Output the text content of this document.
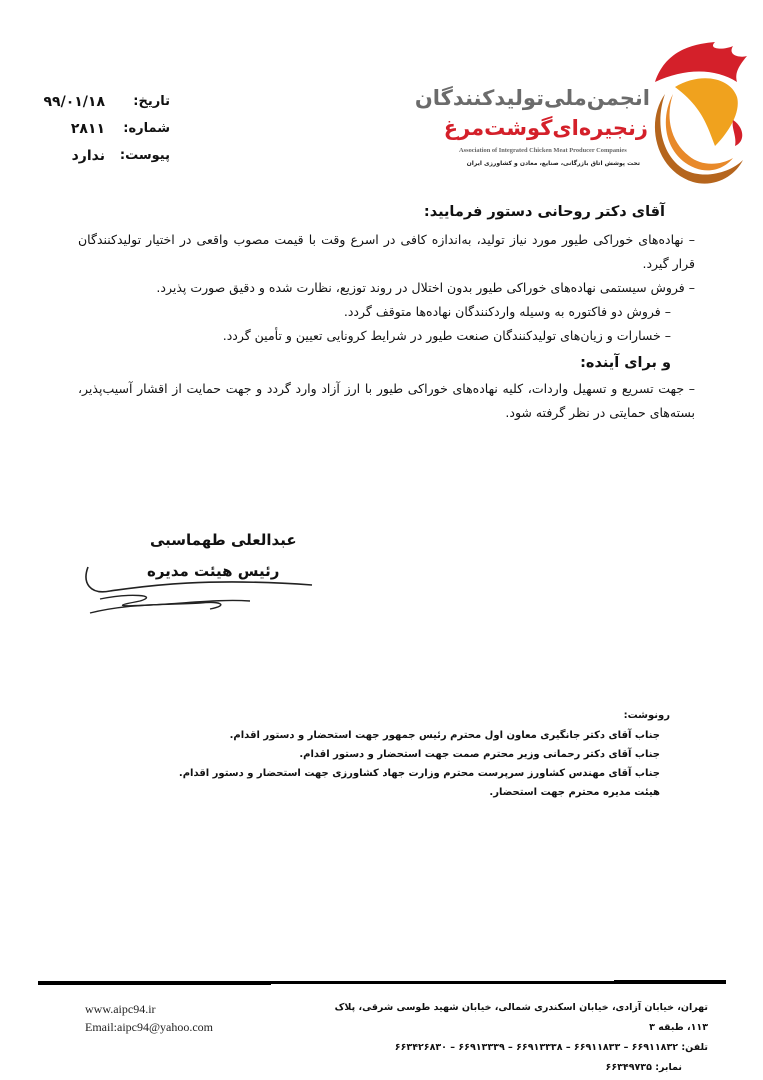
تاریخ:
۹۹/۰۱/۱۸
شماره:
۲۸۱۱
پیوست:
ندارد
انجمن‌ملی‌تولیدکنندگان
زنجیره‌ای‌گوشت‌مرغ
Association of Integrated Chicken Meat Producer Companies
تحت پوشش اتاق بازرگانی، صنایع، معادن و کشاورزی ایران
آقای دکتر روحانی دستور فرمایید:

– نهاده‌های خوراکی طیور مورد نیاز تولید، به‌اندازه کافی در اسرع وقت با قیمت مصوب واقعی در اختیار تولیدکنندگان قرار گیرد.

– فروش سیستمی نهاده‌های خوراکی طیور بدون اختلال در روند توزیع، نظارت شده و دقیق صورت پذیرد.

– فروش دو فاکتوره به وسیله واردکنندگان نهاده‌ها متوقف گردد.

– خسارات و زیان‌های تولیدکنندگان صنعت طیور در شرایط کرونایی تعیین و تأمین گردد.

و برای آینده:

– جهت تسریع و تسهیل واردات، کلیه نهاده‌های خوراکی طیور با ارز آزاد وارد گردد و جهت حمایت از اقشار آسیب‌پذیر، بسته‌های حمایتی در نظر گرفته شود.

عبدالعلی طهماسبی
رئیس هیئت مدیره
رونوشت:
جناب آقای دکتر جانگیری معاون اول محترم رئیس جمهور جهت استحضار و دستور اقدام.
جناب آقای دکتر رحمانی وزیر محترم صمت جهت استحضار و دستور اقدام.
جناب آقای مهندس کشاورز سرپرست محترم وزارت جهاد کشاورزی جهت استحضار و دستور اقدام.
هیئت مدیره محترم جهت استحضار.
www.aipc94.ir
Email:aipc94@yahoo.com
تهران، خیابان آزادی، خیابان اسکندری شمالی، خیابان شهید طوسی شرقی، پلاک ۱۱۳، طبقه ۳
تلفن: ۶۶۹۱۱۸۳۲ – ۶۶۹۱۱۸۳۳ – ۶۶۹۱۳۳۳۸ – ۶۶۹۱۳۳۳۹ – ۶۶۳۴۲۶۸۳۰ نمابر: ۶۶۳۴۹۷۳۵
